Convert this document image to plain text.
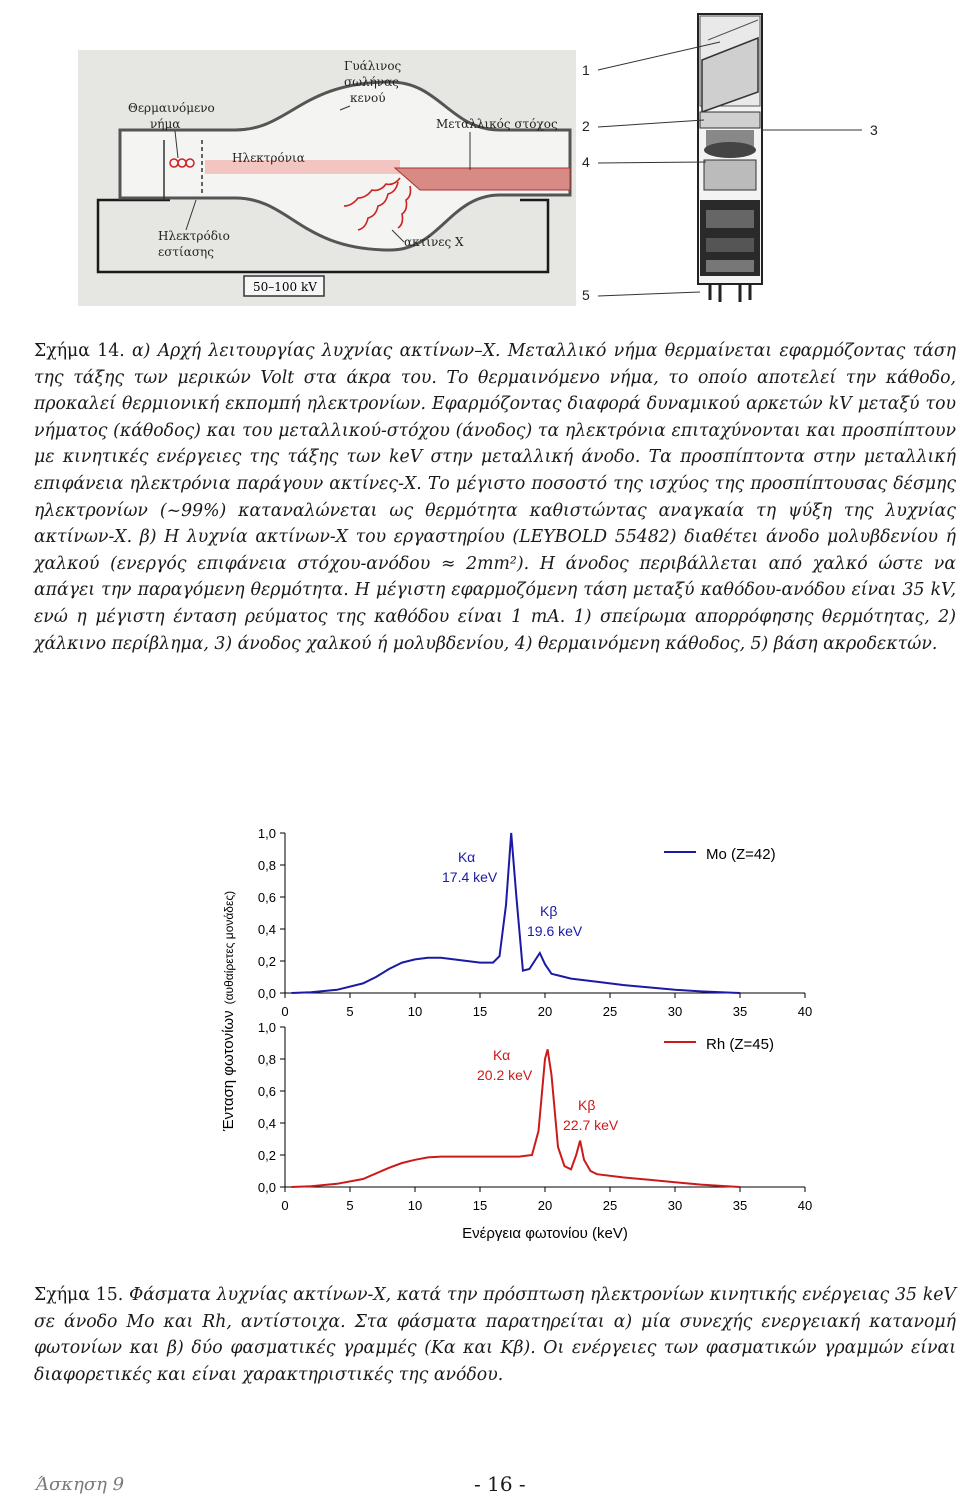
50–100 kV
Γυάλινος
σωλήνας
κενού
Θερμαινόμενο
νήμα	Μεταλλικός στόχος
Ηλεκτρόνια
Ηλεκτρόδιο
εστίασης
ακτίνες Χ
1
2	3
4
5
Σχήμα 14. α) Αρχή λειτουργίας λυχνίας ακτίνων–Χ. Μεταλλικό νήμα θερμαίνεται εφαρμόζοντας τάση της τάξης των μερικών Volt στα άκρα του. Το θερμαινόμενο νήμα, το οποίο αποτελεί την κάθοδο, προκαλεί θερμιονική εκπομπή ηλεκτρονίων. Εφαρμόζοντας διαφορά δυναμικού αρκετών kV μεταξύ του νήματος (κάθοδος) και του μεταλλικού-στόχου (άνοδος) τα ηλεκτρόνια επιταχύνονται και προσπίπτουν με κινητικές ενέργειες της τάξης των keV στην μεταλλική άνοδο. Τα προσπίπτοντα στην μεταλλική επιφάνεια ηλεκτρόνια παράγουν ακτίνες-Χ. Το μέγιστο ποσοστό της ισχύος της προσπίπτουσας δέσμης ηλεκτρονίων (~99%) καταναλώνεται ως θερμότητα καθιστώντας αναγκαία τη ψύξη της λυχνίας ακτίνων-Χ. β) Η λυχνία ακτίνων-Χ του εργαστηρίου (LEYBOLD 55482) διαθέτει άνοδο μολυβδενίου ή χαλκού (ενεργός επιφάνεια στόχου-ανόδου ≈ 2mm²). Η άνοδος περιβάλλεται από χαλκό ώστε να απάγει την παραγόμενη θερμότητα. Η μέγιστη εφαρμοζόμενη τάση μεταξύ καθόδου-ανόδου είναι 35 kV, ενώ η μέγιστη ένταση ρεύματος της καθόδου είναι 1 mA. 1) σπείρωμα απορρόφησης θερμότητας, 2) χάλκινο περίβλημα, 3) άνοδος χαλκού ή μολυβδενίου, 4) θερμαινόμενη κάθοδος, 5) βάση ακροδεκτών.
0,0
0,2
0,4
0,6
0,8
1,0
0	5	10	15	20	25	30	35	40
0,0
0,2
0,4
0,6
0,8
1,0
0	5	10	15	20	25	30	35	40
Κα
17.4 keV
Κβ
19.6 keV
Mo (Z=42)
Κα
20.2 keV
Κβ
22.7 keV
Rh (Z=45)
Ένταση φωτονίων(αυθαίρετες μονάδες)
Ενέργεια φωτονίου (keV)
Σχήμα 15. Φάσματα λυχνίας ακτίνων-Χ, κατά την πρόσπτωση ηλεκτρονίων κινητικής ενέργειας 35 keV σε άνοδο Mo και Rh, αντίστοιχα. Στα φάσματα παρατηρείται α) μία συνεχής ενεργειακή κατανομή φωτονίων και β) δύο φασματικές γραμμές (Κα και Κβ). Οι ενέργειες των φασματικών γραμμών είναι διαφορετικές και είναι χαρακτηριστικές της ανόδου.
Άσκηση 9	- 16 -
